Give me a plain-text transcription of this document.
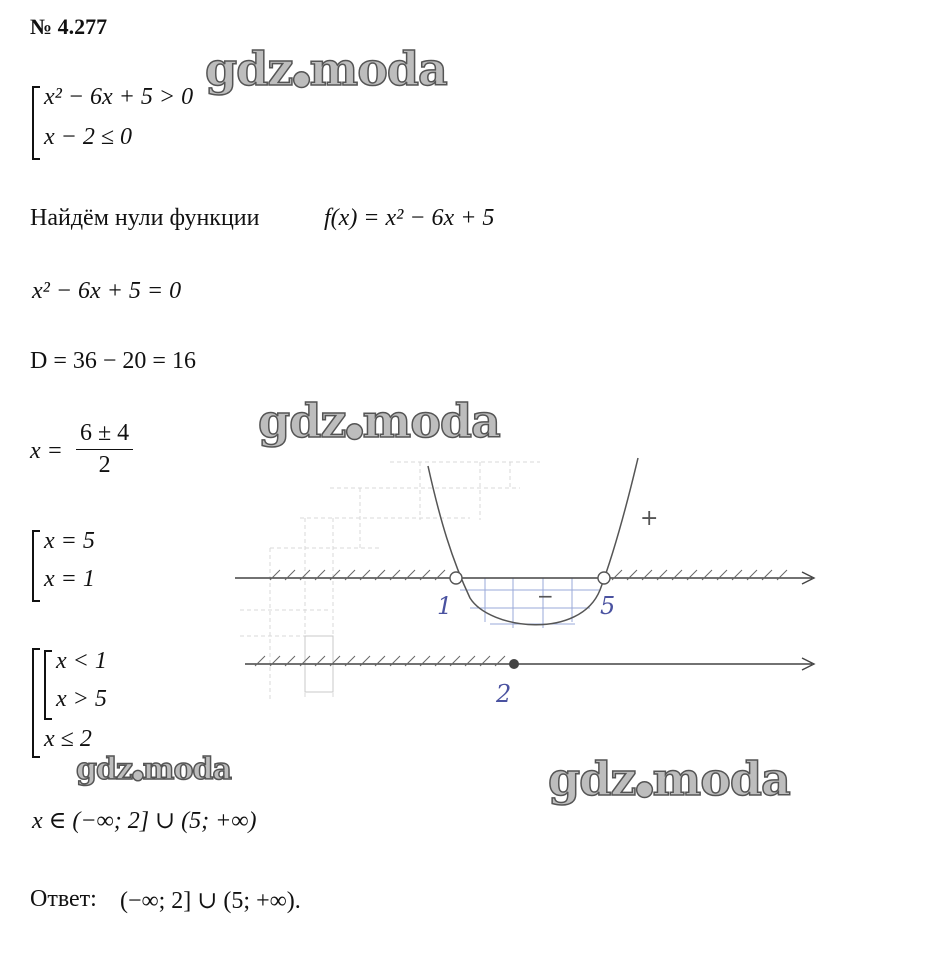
№ 4.277
x² − 6x + 5 > 0
x − 2 ≤ 0
Найдём нули функции	f(x) = x² − 6x + 5
x² − 6x + 5 = 0
D = 36 − 20 = 16
$x = \frac{6 \pm 4}{2}$
x = 5
x = 1
x < 1
x > 5
x ≤ 2
x ∈ (−∞; 2] ∪ (5; +∞)
Ответ: (−∞; 2] ∪ (5; +∞).
+
−
1	5
2
gdz●moda
gdz●moda
gdz●moda	gdz●moda
